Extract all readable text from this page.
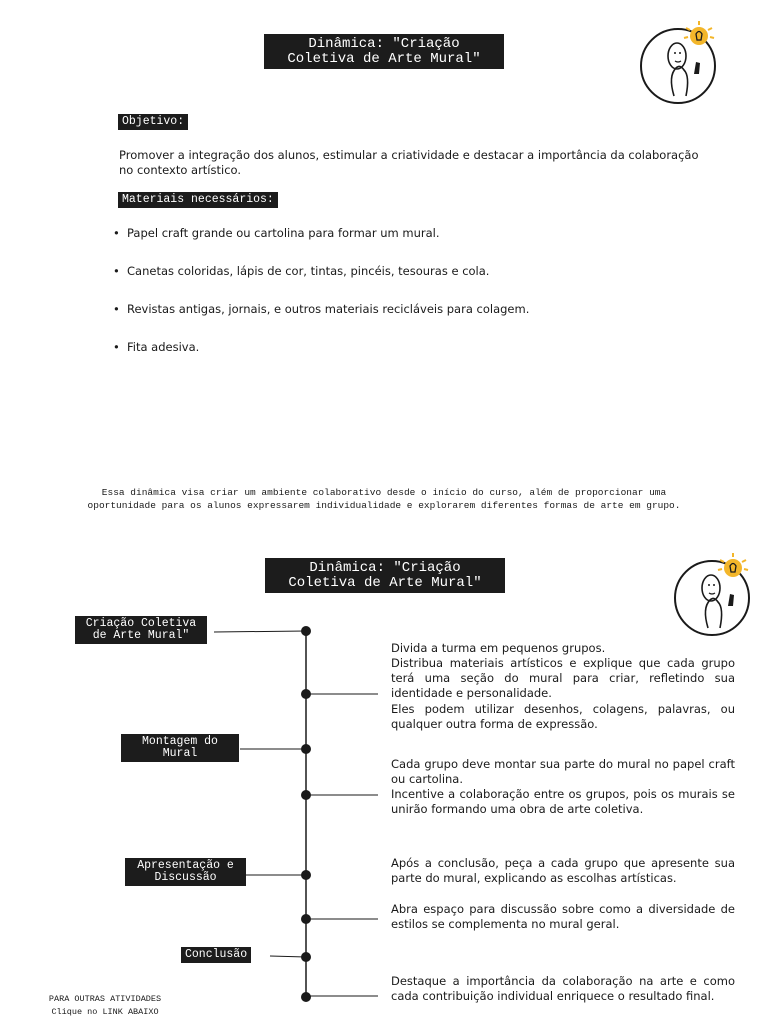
Dinâmica: "Criação Coletiva de Arte Mural"
Objetivo:
Promover a integração dos alunos, estimular a criatividade e destacar a importância da colaboração no contexto artístico.
Materiais necessários:
• Papel craft grande ou cartolina para formar um mural.
• Canetas coloridas, lápis de cor, tintas, pincéis, tesouras e cola.
• Revistas antigas, jornais, e outros materiais recicláveis para colagem.
• Fita adesiva.
Essa dinâmica visa criar um ambiente colaborativo desde o início do curso, além de proporcionar uma
oportunidade para os alunos expressarem individualidade e explorarem diferentes formas de arte em grupo.
Dinâmica: "Criação Coletiva de Arte Mural"
Criação Coletiva de Arte Mural"
Montagem do Mural
Apresentação e Discussão
Conclusão
Divida a turma em pequenos grupos.
Distribua materiais artísticos e explique que cada grupo terá uma seção do mural para criar, refletindo sua identidade e personalidade.
Eles podem utilizar desenhos, colagens, palavras, ou qualquer outra forma de expressão.
Cada grupo deve montar sua parte do mural no papel craft ou cartolina.
Incentive a colaboração entre os grupos, pois os murais se unirão formando uma obra de arte coletiva.
Após a conclusão, peça a cada grupo que apresente sua parte do mural, explicando as escolhas artísticas.
Abra espaço para discussão sobre como a diversidade de estilos se complementa no mural geral.
Destaque a importância da colaboração na arte e como cada contribuição individual enriquece o resultado final.
PARA OUTRAS ATIVIDADES
Clique no LINK ABAIXO
